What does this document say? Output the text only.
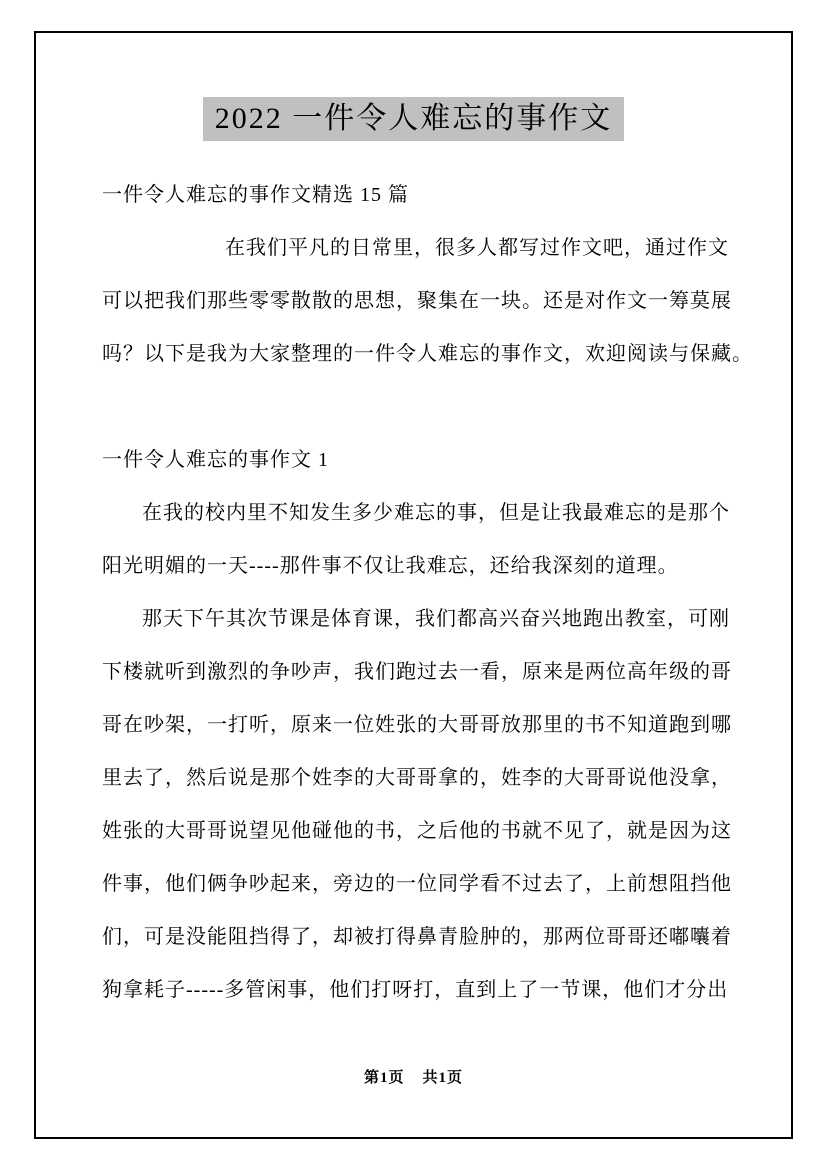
2022 一件令人难忘的事作文
一件令人难忘的事作文精选 15 篇
在我们平凡的日常里，很多人都写过作文吧，通过作文
可以把我们那些零零散散的思想，聚集在一块。还是对作文一筹莫展
吗？以下是我为大家整理的一件令人难忘的事作文，欢迎阅读与保藏。
一件令人难忘的事作文 1
在我的校内里不知发生多少难忘的事，但是让我最难忘的是那个
阳光明媚的一天----那件事不仅让我难忘，还给我深刻的道理。
那天下午其次节课是体育课，我们都高兴奋兴地跑出教室，可刚
下楼就听到激烈的争吵声，我们跑过去一看，原来是两位高年级的哥
哥在吵架，一打听，原来一位姓张的大哥哥放那里的书不知道跑到哪
里去了，然后说是那个姓李的大哥哥拿的，姓李的大哥哥说他没拿，
姓张的大哥哥说望见他碰他的书，之后他的书就不见了，就是因为这
件事，他们俩争吵起来，旁边的一位同学看不过去了，上前想阻挡他
们，可是没能阻挡得了，却被打得鼻青脸肿的，那两位哥哥还嘟囔着
狗拿耗子-----多管闲事，他们打呀打，直到上了一节课，他们才分出
第1页 共1页
